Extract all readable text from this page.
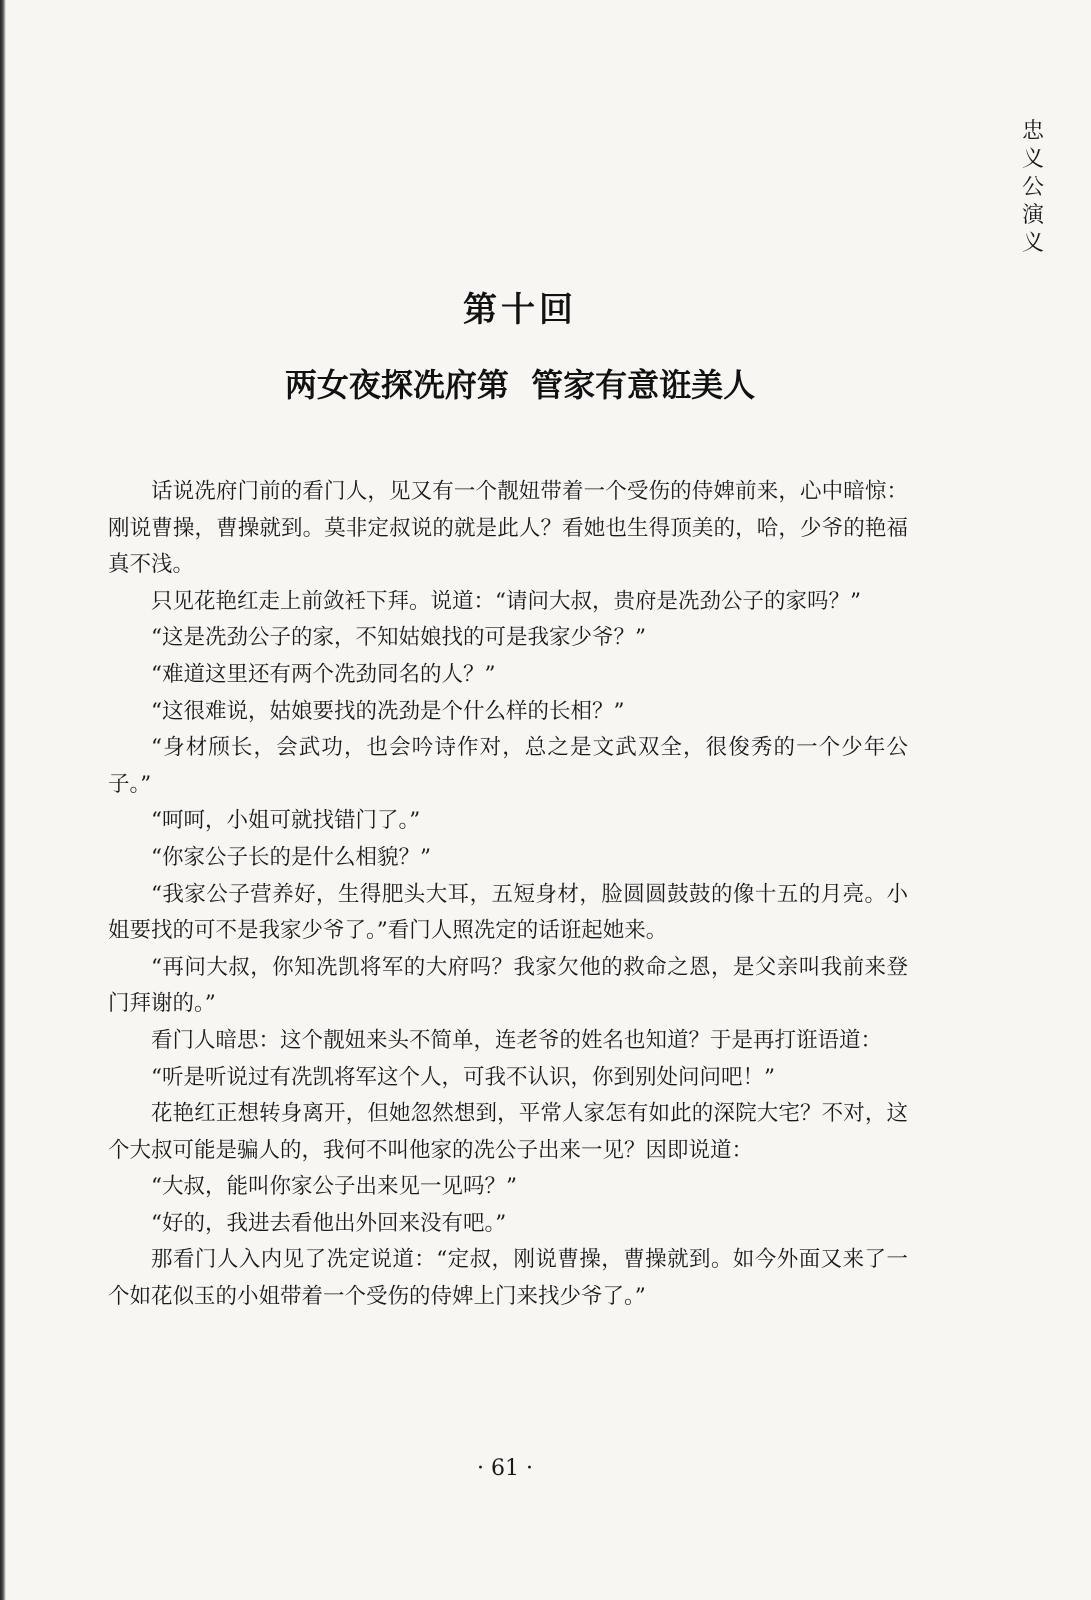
忠
义
公
演
义
第十回
两女夜探冼府第  管家有意诳美人

话说冼府门前的看门人，见又有一个靓妞带着一个受伤的侍婢前来，心中暗惊：刚说曹操，曹操就到。莫非定叔说的就是此人？看她也生得顶美的，哈，少爷的艳福真不浅。

只见花艳红走上前敛衽下拜。说道：“请问大叔，贵府是冼劲公子的家吗？”

“这是冼劲公子的家，不知姑娘找的可是我家少爷？”

“难道这里还有两个冼劲同名的人？”

“这很难说，姑娘要找的冼劲是个什么样的长相？”

“身材颀长，会武功，也会吟诗作对，总之是文武双全，很俊秀的一个少年公子。”

“呵呵，小姐可就找错门了。”

“你家公子长的是什么相貌？”

“我家公子营养好，生得肥头大耳，五短身材，脸圆圆鼓鼓的像十五的月亮。小姐要找的可不是我家少爷了。”看门人照冼定的话诳起她来。

“再问大叔，你知冼凯将军的大府吗？我家欠他的救命之恩，是父亲叫我前来登门拜谢的。”

看门人暗思：这个靓妞来头不简单，连老爷的姓名也知道？于是再打诳语道：

“听是听说过有冼凯将军这个人，可我不认识，你到别处问问吧！”

花艳红正想转身离开，但她忽然想到，平常人家怎有如此的深院大宅？不对，这个大叔可能是骗人的，我何不叫他家的冼公子出来一见？因即说道：

“大叔，能叫你家公子出来见一见吗？”

“好的，我进去看他出外回来没有吧。”

那看门人入内见了冼定说道：“定叔，刚说曹操，曹操就到。如今外面又来了一个如花似玉的小姐带着一个受伤的侍婢上门来找少爷了。”

· 61 ·
